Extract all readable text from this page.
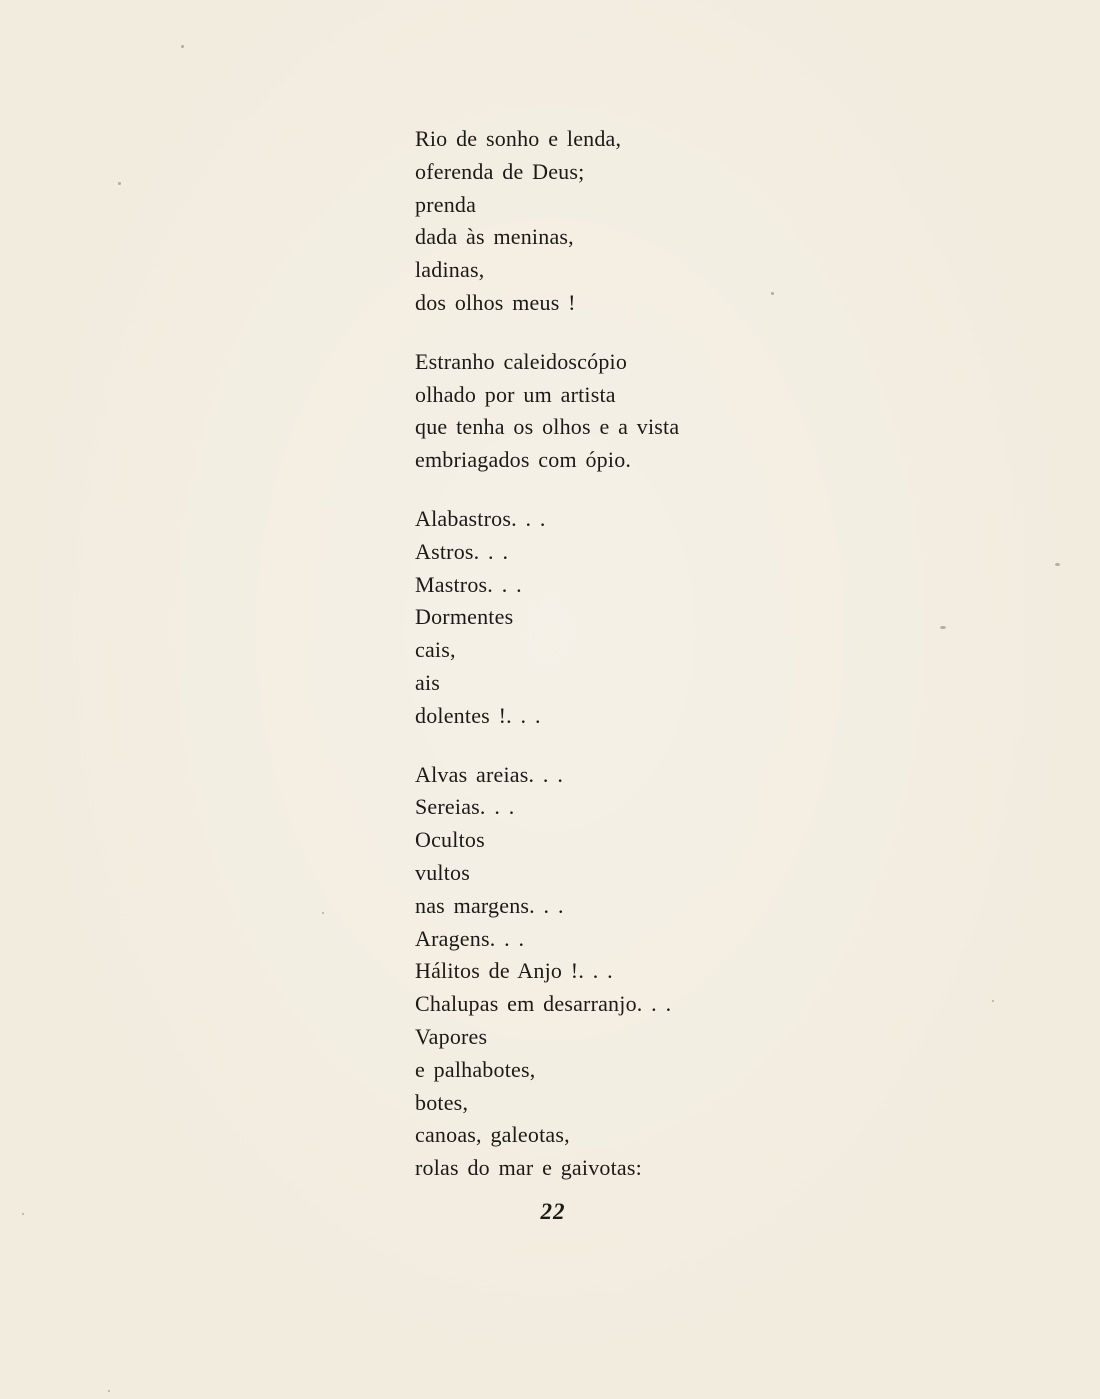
Rio de sonho e lenda,
oferenda de Deus;
prenda
dada às meninas,
ladinas,
dos olhos meus !
Estranho caleidoscópio
olhado por um artista
que tenha os olhos e a vista
embriagados com ópio.
Alabastros. . .
Astros. . .
Mastros. . .
Dormentes
cais,
ais
dolentes !. . .
Alvas areias. . .
Sereias. . .
Ocultos
vultos
nas margens. . .
Aragens. . .
Hálitos de Anjo !. . .
Chalupas em desarranjo. . .
Vapores
e palhabotes,
botes,
canoas, galeotas,
rolas do mar e gaivotas:
22
